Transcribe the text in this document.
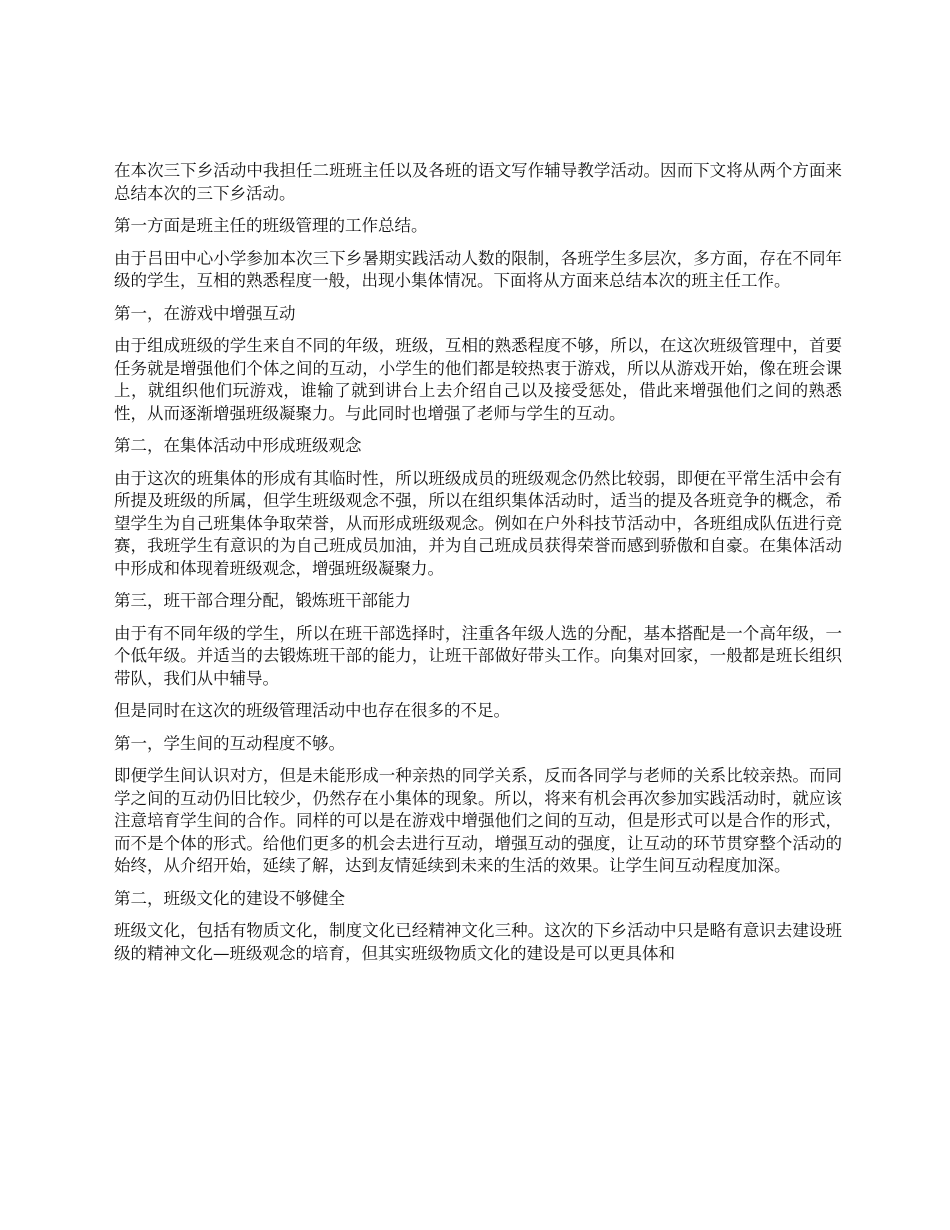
在本次三下乡活动中我担任二班班主任以及各班的语文写作辅导教学活动。因而下文将从两个方面来总结本次的三下乡活动。

第一方面是班主任的班级管理的工作总结。

由于吕田中心小学参加本次三下乡暑期实践活动人数的限制，各班学生多层次，多方面，存在不同年级的学生，互相的熟悉程度一般，出现小集体情况。下面将从方面来总结本次的班主任工作。

第一，在游戏中增强互动

由于组成班级的学生来自不同的年级，班级，互相的熟悉程度不够，所以，在这次班级管理中，首要任务就是增强他们个体之间的互动，小学生的他们都是较热衷于游戏，所以从游戏开始，像在班会课上，就组织他们玩游戏，谁输了就到讲台上去介绍自己以及接受惩处，借此来增强他们之间的熟悉性，从而逐渐增强班级凝聚力。与此同时也增强了老师与学生的互动。

第二，在集体活动中形成班级观念

由于这次的班集体的形成有其临时性，所以班级成员的班级观念仍然比较弱，即便在平常生活中会有所提及班级的所属，但学生班级观念不强，所以在组织集体活动时，适当的提及各班竞争的概念，希望学生为自己班集体争取荣誉，从而形成班级观念。例如在户外科技节活动中，各班组成队伍进行竞赛，我班学生有意识的为自己班成员加油，并为自己班成员获得荣誉而感到骄傲和自豪。在集体活动中形成和体现着班级观念，增强班级凝聚力。

第三，班干部合理分配，锻炼班干部能力

由于有不同年级的学生，所以在班干部选择时，注重各年级人选的分配，基本搭配是一个高年级，一个低年级。并适当的去锻炼班干部的能力，让班干部做好带头工作。向集对回家，一般都是班长组织带队，我们从中辅导。

但是同时在这次的班级管理活动中也存在很多的不足。

第一，学生间的互动程度不够。

即便学生间认识对方，但是未能形成一种亲热的同学关系，反而各同学与老师的关系比较亲热。而同学之间的互动仍旧比较少，仍然存在小集体的现象。所以，将来有机会再次参加实践活动时，就应该注意培育学生间的合作。同样的可以是在游戏中增强他们之间的互动，但是形式可以是合作的形式，而不是个体的形式。给他们更多的机会去进行互动，增强互动的强度，让互动的环节贯穿整个活动的始终，从介绍开始，延续了解，达到友情延续到未来的生活的效果。让学生间互动程度加深。

第二，班级文化的建设不够健全

班级文化，包括有物质文化，制度文化已经精神文化三种。这次的下乡活动中只是略有意识去建设班级的精神文化—班级观念的培育，但其实班级物质文化的建设是可以更具体和
